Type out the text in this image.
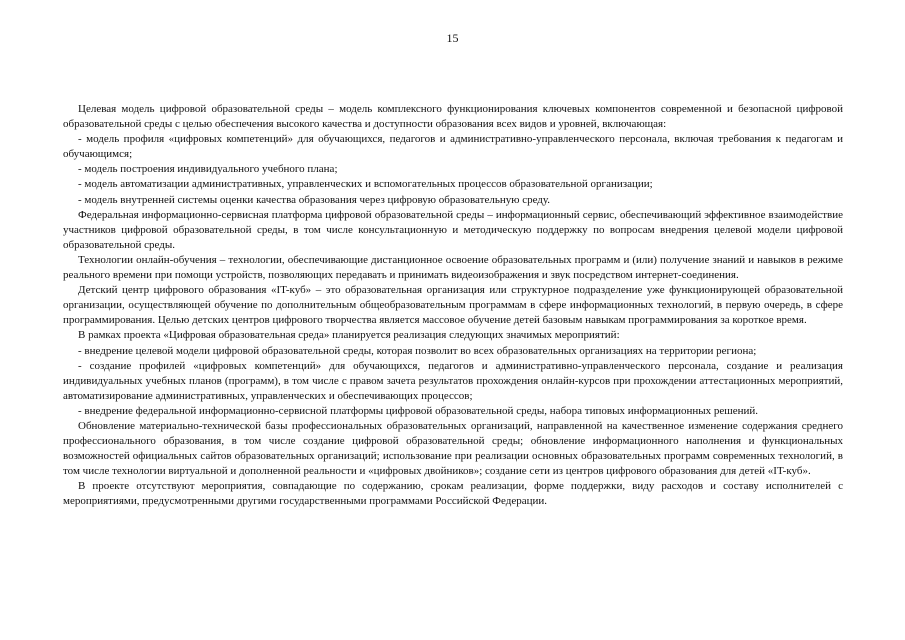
15

Целевая модель цифровой образовательной среды – модель комплексного функционирования ключевых компонентов современной и безопасной цифровой образовательной среды с целью обеспечения высокого качества и доступности образования всех видов и уровней, включающая:

- модель профиля «цифровых компетенций» для обучающихся, педагогов и административно-управленческого персонала, включая требования к педагогам и обучающимся;

- модель построения индивидуального учебного плана;

- модель автоматизации административных, управленческих и вспомогательных процессов образовательной организации;

- модель внутренней системы оценки качества образования через цифровую образовательную среду.

Федеральная информационно-сервисная платформа цифровой образовательной среды – информационный сервис, обеспечивающий эффективное взаимодействие участников цифровой образовательной среды, в том числе консультационную и методическую поддержку по вопросам внедрения целевой модели цифровой образовательной среды.

Технологии онлайн-обучения – технологии, обеспечивающие дистанционное освоение образовательных программ и (или) получение знаний и навыков в режиме реального времени при помощи устройств, позволяющих передавать и принимать видеоизображения и звук посредством интернет-соединения.

Детский центр цифрового образования «IT-куб» – это образовательная организация или структурное подразделение уже функционирующей образовательной организации, осуществляющей обучение по дополнительным общеобразовательным программам в сфере информационных технологий, в первую очередь, в сфере программирования. Целью детских центров цифрового творчества является массовое обучение детей базовым навыкам программирования за короткое время.

В рамках проекта «Цифровая образовательная среда» планируется реализация следующих значимых мероприятий:

- внедрение целевой модели цифровой образовательной среды, которая позволит во всех образовательных организациях на территории региона;

- создание профилей «цифровых компетенций» для обучающихся, педагогов и административно-управленческого персонала, создание и реализация индивидуальных учебных планов (программ), в том числе с правом зачета результатов прохождения онлайн-курсов при прохождении аттестационных мероприятий, автоматизирование административных, управленческих и обеспечивающих процессов;

- внедрение федеральной информационно-сервисной платформы цифровой образовательной среды, набора типовых информационных решений.

Обновление материально-технической базы профессиональных образовательных организаций, направленной на качественное изменение содержания среднего профессионального образования, в том числе создание цифровой образовательной среды; обновление информационного наполнения и функциональных возможностей официальных сайтов образовательных организаций; использование при реализации основных образовательных программ современных технологий, в том числе технологии виртуальной и дополненной реальности и «цифровых двойников»; создание сети из центров цифрового образования для детей «IT-куб».

В проекте отсутствуют мероприятия, совпадающие по содержанию, срокам реализации, форме поддержки, виду расходов и составу исполнителей с мероприятиями, предусмотренными другими государственными программами Российской Федерации.
